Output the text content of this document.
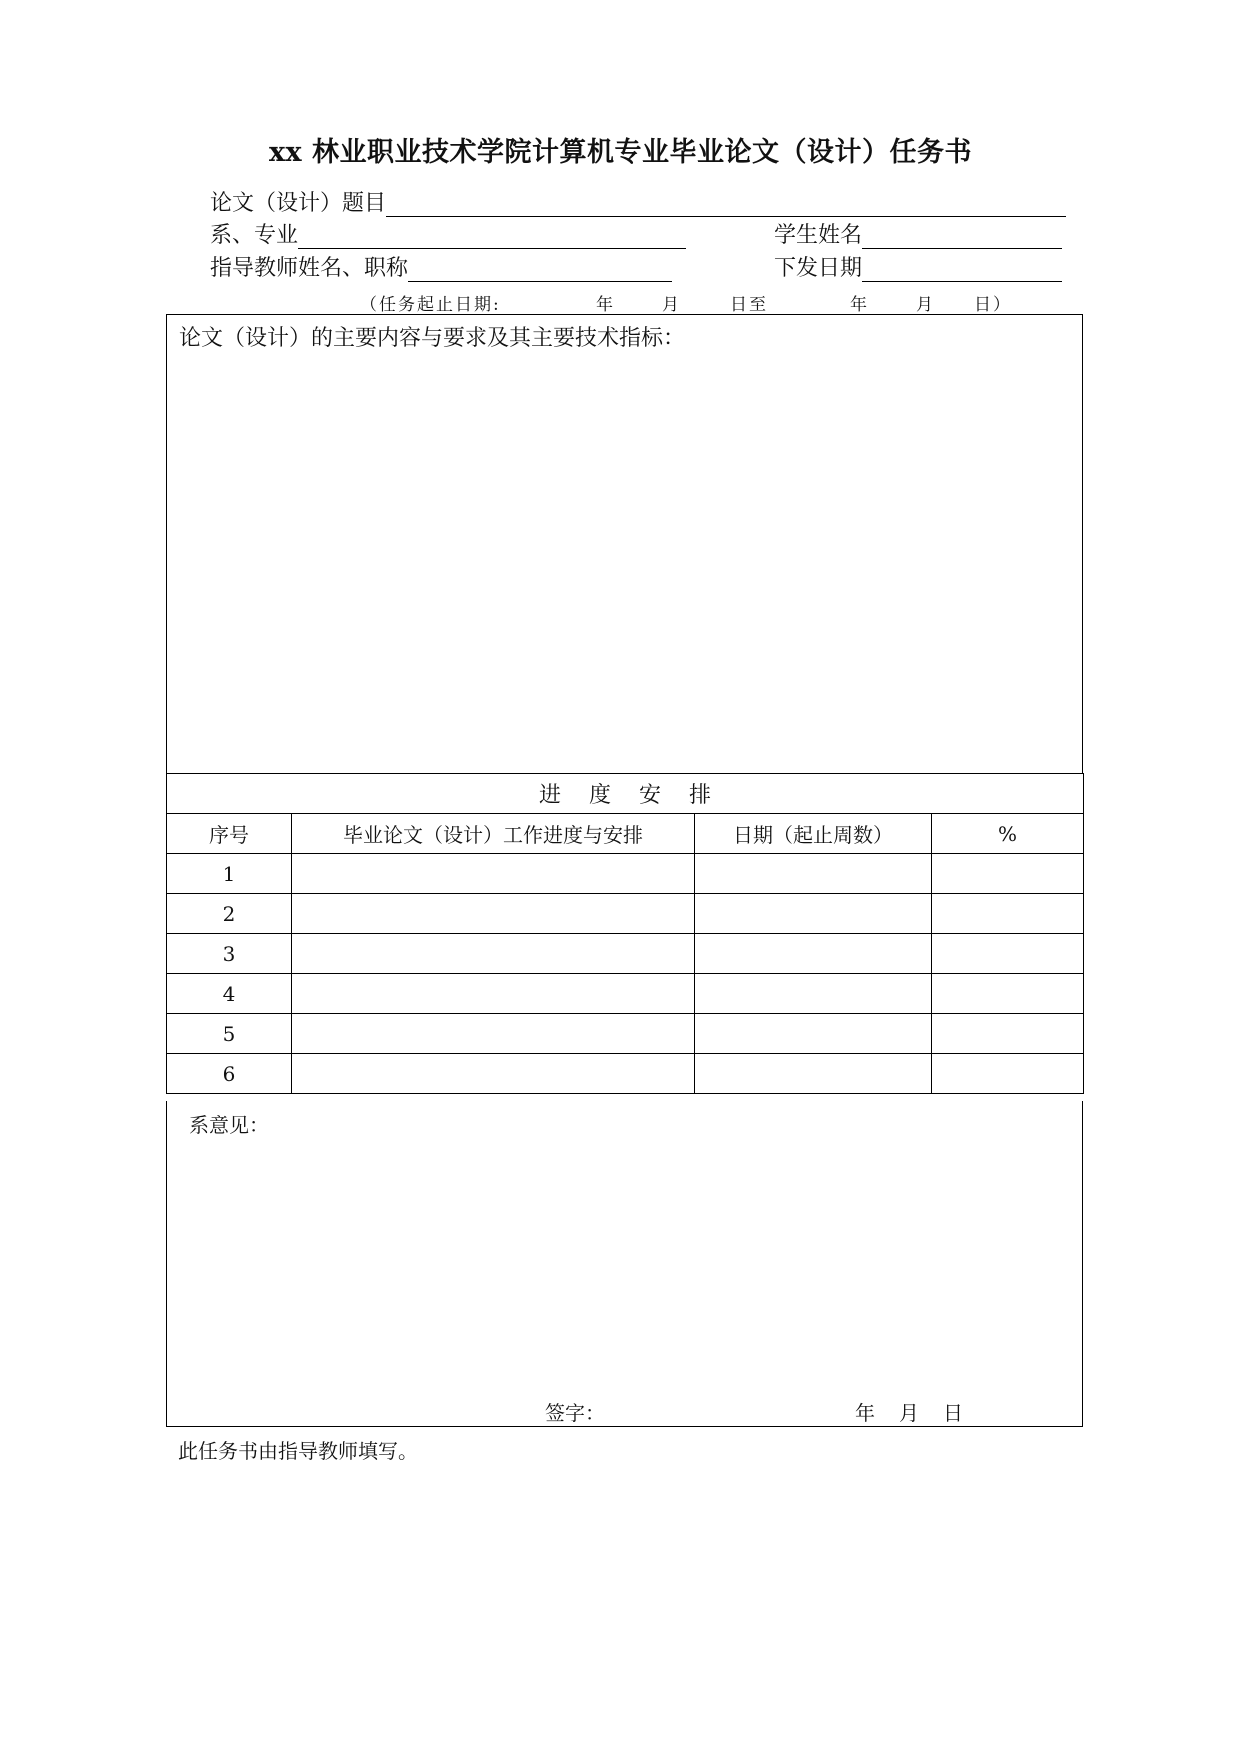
xx 林业职业技术学院计算机专业毕业论文（设计）任务书
论文（设计）题目
系、专业	学生姓名
指导教师姓名、职称	下发日期
（任务起止日期:	年	月	日至	年	月 日）
论文（设计）的主要内容与要求及其主要技术指标：
进度安排			
序号	毕业论文（设计）工作进度与安排	日期（起止周数）	%
1			
2			
3			
4			
5			
6			
系意见：
签字：	年 月 日
此任务书由指导教师填写。
